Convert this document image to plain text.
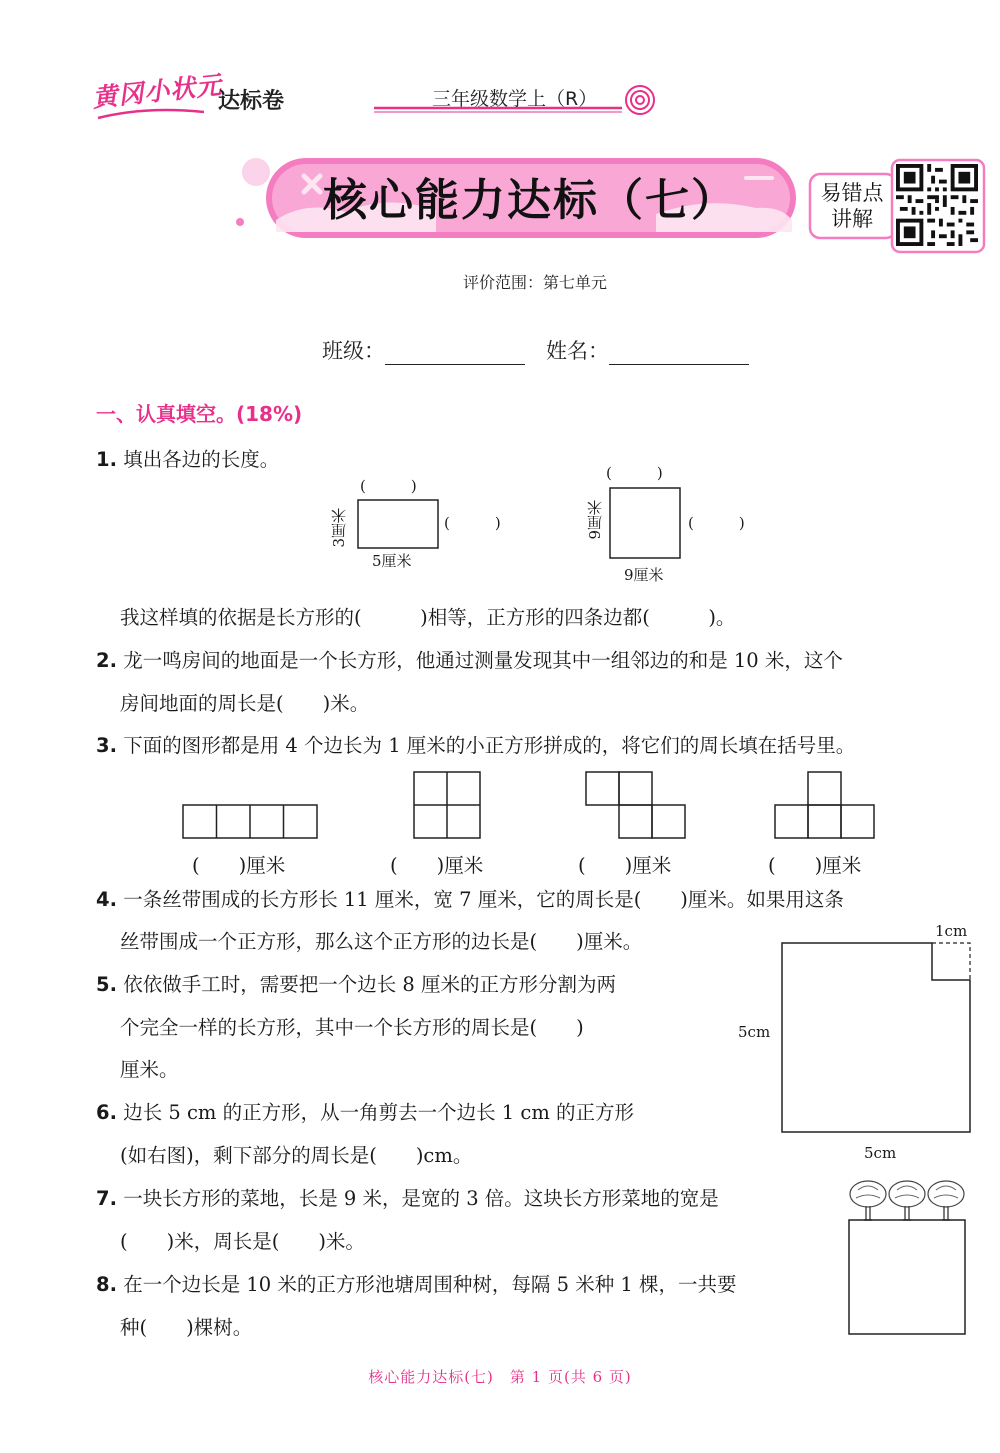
黄冈小状元
达标卷	三年级数学上（R）
核心能力达标（七）	易错点
讲解
评价范围：第七单元
班级：	姓名：
一、认真填空。(18%)
1. 填出各边的长度。
(　　　)
(　　　)
3厘米
5厘米
(　　　)
(　　　)
9厘米
9厘米
我这样填的依据是长方形的(　　　)相等，正方形的四条边都(　　　)。
2. 龙一鸣房间的地面是一个长方形，他通过测量发现其中一组邻边的和是 10 米，这个
房间地面的周长是(　　)米。
3. 下面的图形都是用 4 个边长为 1 厘米的小正方形拼成的，将它们的周长填在括号里。
(　　)厘米	(　　)厘米	(　　)厘米	(　　)厘米
4. 一条丝带围成的长方形长 11 厘米，宽 7 厘米，它的周长是(　　)厘米。如果用这条
丝带围成一个正方形，那么这个正方形的边长是(　　)厘米。
5. 依依做手工时，需要把一个边长 8 厘米的正方形分割为两
个完全一样的长方形，其中一个长方形的周长是(　　)
厘米。
6. 边长 5 cm 的正方形，从一角剪去一个边长 1 cm 的正方形
(如右图)，剩下部分的周长是(　　)cm。
1cm
5cm
5cm
7. 一块长方形的菜地，长是 9 米，是宽的 3 倍。这块长方形菜地的宽是
(　　)米，周长是(　　)米。
8. 在一个边长是 10 米的正方形池塘周围种树，每隔 5 米种 1 棵，一共要
种(　　)棵树。
核心能力达标(七)　第 1 页(共 6 页)
